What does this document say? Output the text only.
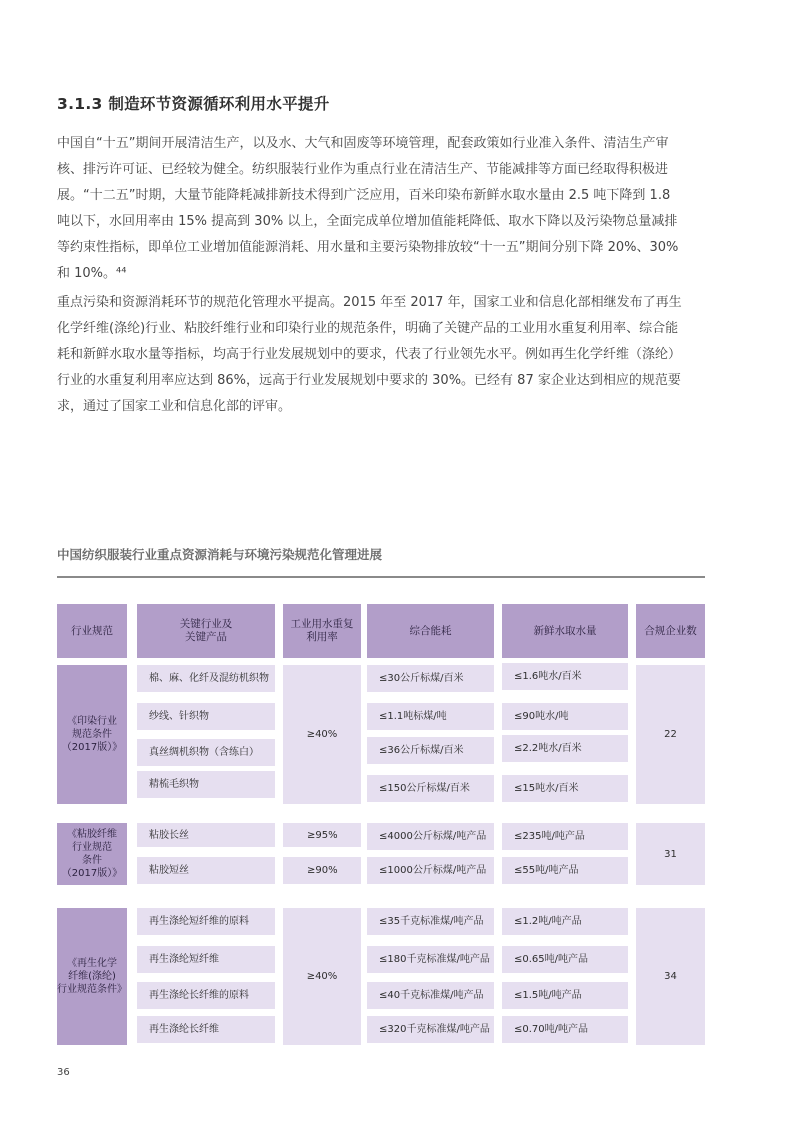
3.1.3 制造环节资源循环利用水平提升

中国自“十五”期间开展清洁生产，以及水、大气和固废等环境管理，配套政策如行业准入条件、清洁生产审核、排污许可证、已经较为健全。纺织服装行业作为重点行业在清洁生产、节能减排等方面已经取得积极进展。“十二五”时期，大量节能降耗减排新技术得到广泛应用，百米印染布新鲜水取水量由 2.5 吨下降到 1.8 吨以下，水回用率由 15% 提高到 30% 以上，全面完成单位增加值能耗降低、取水下降以及污染物总量减排等约束性指标，即单位工业增加值能源消耗、用水量和主要污染物排放较“十一五”期间分别下降 20%、30% 和 10%。⁴⁴

重点污染和资源消耗环节的规范化管理水平提高。2015 年至 2017 年，国家工业和信息化部相继发布了再生化学纤维(涤纶)行业、粘胶纤维行业和印染行业的规范条件，明确了关键产品的工业用水重复利用率、综合能耗和新鲜水取水量等指标，均高于行业发展规划中的要求，代表了行业领先水平。例如再生化学纤维（涤纶）行业的水重复利用率应达到 86%，远高于行业发展规划中要求的 30%。已经有 87 家企业达到相应的规范要求，通过了国家工业和信息化部的评审。

中国纺织服装行业重点资源消耗与环境污染规范化管理进展
行业规范
关键行业及
关键产品
工业用水重复
利用率
综合能耗	新鲜水取水量	合规企业数
《印染行业
规范条件
（2017版）》
棉、麻、化纤及混纺机织物
纱线、针织物
真丝绸机织物（含练白）
精梳毛织物
≥40%
≤30公斤标煤/百米
≤1.1吨标煤/吨
≤36公斤标煤/百米
≤150公斤标煤/百米
≤1.6吨水/百米
≤90吨水/吨
≤2.2吨水/百米
≤15吨水/百米
22
《粘胶纤维
行业规范
条件
（2017版）》
粘胶长丝
粘胶短丝
≥95%
≥90%
≤4000公斤标煤/吨产品
≤1000公斤标煤/吨产品
≤235吨/吨产品
≤55吨/吨产品
31
《再生化学
纤维(涤纶)
行业规范条件》
再生涤纶短纤维的原料
再生涤纶短纤维
再生涤纶长纤维的原料
再生涤纶长纤维
≥40%
≤35千克标准煤/吨产品
≤180千克标准煤/吨产品
≤40千克标准煤/吨产品
≤320千克标准煤/吨产品
≤1.2吨/吨产品
≤0.65吨/吨产品
≤1.5吨/吨产品
≤0.70吨/吨产品
34

36
